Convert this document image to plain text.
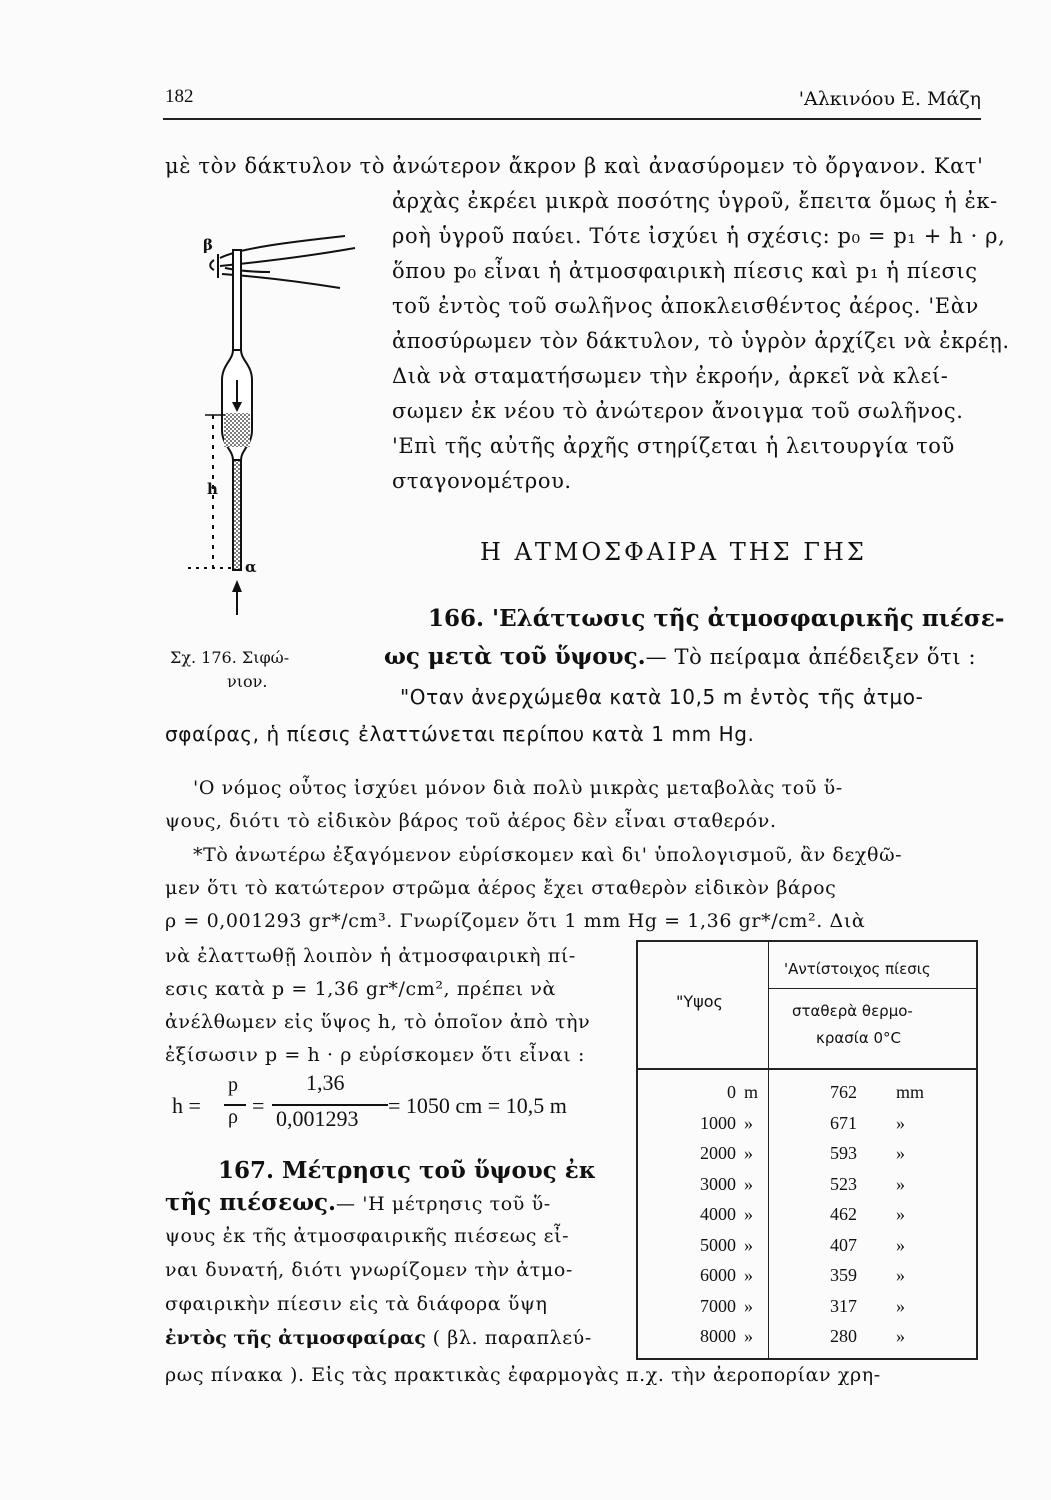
182	'Αλκινόου Ε. Μάζη
μὲ τὸν δάκτυλον τὸ ἀνώτερον ἄκρον β καὶ ἀνασύρομεν τὸ ὄργανον. Κατ'
ἀρχὰς ἐκρέει μικρὰ ποσότης ὑγροῦ, ἔπειτα ὅμως ἡ ἐκ-
ροὴ ὑγροῦ παύει. Τότε ἰσχύει ἡ σχέσις: p₀ = p₁ + h · ρ,
ὅπου p₀ εἶναι ἡ ἀτμοσφαιρικὴ πίεσις καὶ p₁ ἡ πίεσις
τοῦ ἐντὸς τοῦ σωλῆνος ἀποκλεισθέντος ἀέρος. 'Εὰν
ἀποσύρωμεν τὸν δάκτυλον, τὸ ὑγρὸν ἀρχίζει νὰ ἐκρέῃ.
Διὰ νὰ σταματήσωμεν τὴν ἐκροήν, ἀρκεῖ νὰ κλεί-
σωμεν ἐκ νέου τὸ ἀνώτερον ἄνοιγμα τοῦ σωλῆνος.
'Επὶ τῆς αὐτῆς ἀρχῆς στηρίζεται ἡ λειτουργία τοῦ
σταγονομέτρου.
β
h
α
Σχ. 176. Σιφώ-
νιον.
Η ΑΤΜΟΣΦΑΙΡΑ ΤΗΣ ΓΗΣ
166. 'Ελάττωσις τῆς ἀτμοσφαιρικῆς πιέσε-
ως μετὰ τοῦ ὕψους.— Τὸ πείραμα ἀπέδειξεν ὅτι :
"Οταν ἀνερχώμεθα κατὰ 10,5 m ἐντὸς τῆς ἀτμο-
σφαίρας, ἡ πίεσις ἐλαττώνεται περίπου κατὰ 1 mm Hg.
'Ο νόμος οὗτος ἰσχύει μόνον διὰ πολὺ μικρὰς μεταβολὰς τοῦ ὕ-
ψους, διότι τὸ εἰδικὸν βάρος τοῦ ἀέρος δὲν εἶναι σταθερόν.
*Τὸ ἀνωτέρω ἐξαγόμενον εὑρίσκομεν καὶ δι' ὑπολογισμοῦ, ἂν δεχθῶ-
μεν ὅτι τὸ κατώτερον στρῶμα ἀέρος ἔχει σταθερὸν εἰδικὸν βάρος
ρ = 0,001293 gr*/cm³. Γνωρίζομεν ὅτι 1 mm Hg = 1,36 gr*/cm². Διὰ
νὰ ἐλαττωθῇ λοιπὸν ἡ ἀτμοσφαιρικὴ πί-
εσις κατὰ p = 1,36 gr*/cm², πρέπει νὰ
ἀνέλθωμεν εἰς ὕψος h, τὸ ὁποῖον ἀπὸ τὴν
ἐξίσωσιν p = h · ρ εὑρίσκομεν ὅτι εἶναι :
h =
p
ρ =
1,36
0,001293
= 1050 cm = 10,5 m
167. Μέτρησις τοῦ ὕψους ἐκ
τῆς πιέσεως.— 'Η μέτρησις τοῦ ὕ-
ψους ἐκ τῆς ἀτμοσφαιρικῆς πιέσεως εἶ-
ναι δυνατή, διότι γνωρίζομεν τὴν ἀτμο-
σφαιρικὴν πίεσιν εἰς τὰ διάφορα ὕψη
ἐντὸς τῆς ἀτμοσφαίρας ( βλ. παραπλεύ-
ρως πίνακα ). Εἰς τὰς πρακτικὰς ἐφαρμογὰς π.χ. τὴν ἀεροπορίαν χρη-
"Υψος
'Αντίστοιχος πίεσις
σταθερὰ θερμο-
κρασία 0°C
0 m	762 mm
1000 »	671 »
2000 »	593 »
3000 »	523 »
4000 »	462 »
5000 »	407 »
6000 »	359 »
7000 »	317 »
8000 »	280 »
